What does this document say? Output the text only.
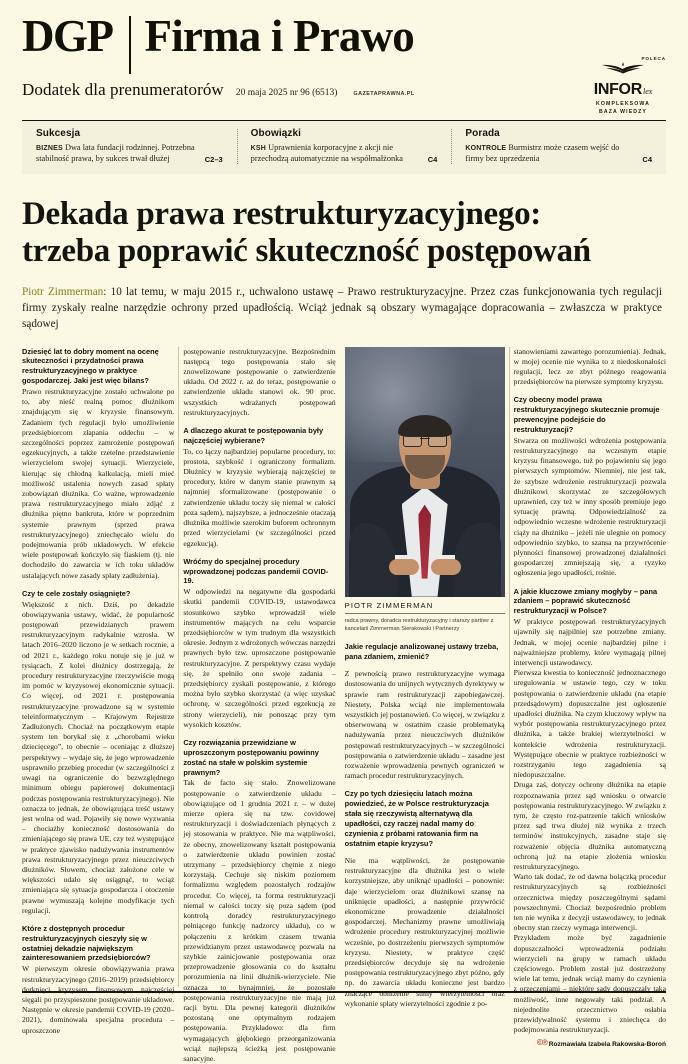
DGP Firma i Prawo
Dodatek dla prenumeratorów 20 maja 2025 nr 96 (6513)	GAZETAPRAWNA.PL
POLECA
INFORlex
KOMPLEKSOWA
BAZA WIEDZY
Sukcesja
BIZNES Dwa lata fundacji rodzinnej. Potrzebna stabilność prawa, by sukces trwał dłużej	C2–3
Obowiązki
KSH Uprawnienia korporacyjne z akcji nie przechodzą automatycznie na współmałżonka	C4
Porada
KONTROLE Burmistrz może czasem wejść do firmy bez uprzedzenia	C4
Dekada prawa restrukturyzacyjnego:
trzeba poprawić skuteczność postępowań
Piotr Zimmerman: 10 lat temu, w maju 2015 r., uchwalono ustawę – Prawo restrukturyzacyjne. Przez czas funkcjonowania tych regulacji firmy zyskały realne narzędzie ochrony przed upadłością. Wciąż jednak są obszary wymagające dopracowania – zwłaszcza w praktyce sądowej
Dziesięć lat to dobry moment na ocenę skuteczności i przydatności prawa restrukturyzacyjnego w praktyce gospodarczej. Jaki jest więc bilans?

Prawo restrukturyzacyjne zostało uchwalone po to, aby nieść realną pomoc dłużnikom znajdującym się w kryzysie finansowym. Zadaniem tych regulacji było umożliwienie przedsiębiorcom złapania oddechu – w szczególności poprzez zamrożenie postępowań egzekucyjnych, a także rzetelne przedstawienie wierzycielom swojej sytuacji. Wierzyciele, kierując się chłodną kalkulacją, mieli mieć możliwość ustalenia nowych zasad spłaty zobowiązań dłużnika. Co ważne, wprowadzenie prawa restrukturyzacyjnego miało zdjąć z dłużnika piętno bankruta, które w poprzednim systemie prawnym (sprzed prawa restrukturyzacyjnego) zniechęcało wielu do podejmowania prób układowych. W efekcie wiele postępowań kończyło się fiaskiem (tj. nie dochodziło do zawarcia w ich toku układów ustalających nowe zasady spłaty zadłużenia).

Czy te cele zostały osiągnięte?

Większość z nich. Dziś, po dekadzie obowiązywania ustawy, widać, że popularność postępowań przewidzianych prawem restrukturyzacyjnym radykalnie wzrosła. W latach 2016–2020 liczono je w setkach rocznie, a od 2021 r., każdego roku notuje się je już w tysiącach. Z kolei dłużnicy dostrzegają, że procedury restrukturyzacyjne rzeczywiście mogą im pomóc w kryzysowej ekonomicznie sytuacji. Co więcej, od 2021 r. postępowania restrukturyzacyjne prowadzone są w systemie teleinformatycznym – Krajowym Rejestrze Zadłużonych. Chociaż na początkowym etapie system ten borykał się z „chorobami wieku dziecięcego”, to obecnie – oceniając z dłuższej perspektywy – wydaje się, że jego wprowadzenie usprawniło przebieg procedur (w szczególności z uwagi na ograniczenie do bezwzględnego minimum obiegu papierowej dokumentacji podczas postępowania restrukturyzacyjnego). Nie oznacza to jednak, że obowiązująca treść ustawy jest wolna od wad. Pojawiły się nowe wyzwania – chociażby konieczność dostosowania do zmieniającego się prawa UE, czy też występujące w praktyce zjawisko nadużywania instrumentów prawa restrukturyzacyjnego przez nieuczciwych dłużników. Słowem, chociaż założone cele w większości udało się osiągnąć, to wciąż zmieniająca się sytuacja gospodarcza i otoczenie prawne wymuszają kolejne modyfikacje tych regulacji.

Które z dostępnych procedur restrukturyzacyjnych cieszyły się w ostatniej dekadzie największym zainteresowaniem przedsiębiorców?

W pierwszym okresie obowiązywania prawa restrukturyzacyjnego (2016–2019) przedsiębiorcy dotknięci kryzysem finansowym najczęściej sięgali po przyspieszone postępowanie układowe. Następnie w okresie pandemii COVID-19 (2020–2021), dominowała specjalna procedura – uproszczone

postępowanie restrukturyzacyjne. Bezpośrednim następcą tego postępowania stało się znowelizowane postępowanie o zatwierdzenie układu. Od 2022 r. aż do teraz, postępowanie o zatwierdzenie układu stanowi ok. 90 proc. wszystkich wdrażanych postępowań restrukturyzacyjnych.

A dlaczego akurat te postępowania były najczęściej wybierane?

To, co łączy najbardziej popularne procedury, to: prostota, szybkość i ograniczony formalizm. Dłużnicy w kryzysie wybierają najczęściej te procedury, które w danym stanie prawnym są najmniej sformalizowane (postępowanie o zatwierdzenie układu toczy się niemal w całości poza sądem), najszybsze, a jednocześnie otaczają dłużnika możliwie szerokim buforem ochronnym przed wierzycielami (w szczególności przed egzekucją).

Wróćmy do specjalnej procedury wprowadzonej podczas pandemii COVID-19.

W odpowiedzi na negatywne dla gospodarki skutki pandemii COVID-19, ustawodawca stosunkowo szybko wprowadził wiele instrumentów mających na celu wsparcie przedsiębiorców w tym trudnym dla wszystkich okresie. Jednym z wdrożonych wówczas narzędzi prawnych było tzw. uproszczone postępowanie restrukturyzacyjne. Z perspektywy czasu wydaje się, że spełniło ono swoje zadania – przedsiębiorcy zyskali postępowanie, z którego można było szybko skorzystać (a więc uzyskać ochronę, w szczególności przed egzekucją ze strony wierzycieli), nie ponosząc przy tym wysokich kosztów.

Czy rozwiązania przewidziane w uproszczonym postępowaniu powinny zostać na stałe w polskim systemie prawnym?

Tak de facto się stało. Znowelizowane postępowanie o zatwierdzenie układu – obowiązujące od 1 grudnia 2021 r. – w dużej mierze opiera się na tzw. covidowej restrukturyzacji i doświadczeniach płynących z jej stosowania w praktyce. Nie ma wątpliwości, że obecny, znowelizowany kształt postępowania o zatwierdzenie układu powinien zostać utrzymany – przedsiębiorcy chętnie z niego korzystają. Cechuje się niskim poziomem formalizmu względem pozostałych rodzajów procedur. Co więcej, ta forma restrukturyzacji niemal w całości toczy się poza sądem (pod kontrolą doradcy restrukturyzacyjnego pełniącego funkcję nadzorcy układu), co w połączeniu z krótkim czasem trwania przewidzianym przez ustawodawcę pozwala na szybkie zainicjowanie postępowania oraz przeprowadzenie głosowania co do kształtu porozumienia na linii dłużnik-wierzyciele. Nie oznacza to bynajmniej, że pozostałe postępowania restrukturyzacyjne nie mają już racji bytu. Dla pewnej kategorii dłużników pozostaną one optymalnym rodzajem postępowania. Przykładowo: dla firm wymagających głębokiego przeorganizowania wciąż najlepszą ścieżką jest postępowanie sanacyjne.

PIOTR ZIMMERMAN
radca prawny, doradca restrukturyzacyjny i starszy partner z kancelarii Zimmerman Sierakowski i Partnerzy
Jakie regulacje analizowanej ustawy trzeba, pana zdaniem, zmienić?

Z pewnością prawo restrukturyzacyjne wymaga dostosowania do unijnych wytycznych dyrektywy w sprawie ram restrukturyzacji zapobiegawczej. Niestety, Polska wciąż nie implementowała wszystkich jej postanowień. Co więcej, w związku z obserwowaną w ostatnim czasie problematyką nadużywania przez nieuczciwych dłużników postępowań restrukturyzacyjnych – w szczególności postępowania o zatwierdzenie układu – zasadne jest rozważenie wprowadzenia pewnych ograniczeń w ramach procedur restrukturyzacyjnych.

Czy po tych dziesięciu latach można powiedzieć, że w Polsce restrukturyzacja stała się rzeczywistą alternatywą dla upadłości, czy raczej nadal mamy do czynienia z próbami ratowania firm na ostatnim etapie kryzysu?

Nie ma wątpliwości, że postępowanie restrukturyzacyjne dla dłużnika jest o wiele korzystniejsze, aby uniknąć upadłości – ponownie: daje wierzycielom oraz dłużnikowi szansę na uniknięcie upadłości, a następnie przywrócić ekonomiczne prowadzenie działalności gospodarczej. Mechanizmy prawne umożliwiają wdrożenie procedury restrukturyzacyjnej możliwie wcześnie, po dostrzeżeniu pierwszych symptomów kryzysu. Niestety, w praktyce część przedsiębiorców decyduje się na wdrożenie postępowania restrukturyzacyjnego zbyt późno, gdy np. do zawarcia układu konieczne jest bardzo znaczące obniżenie sumy wierzytelności oraz wykonanie spłaty wierzytelności zgodnie z po-

stanowieniami zawartego porozumienia). Jednak, w mojej ocenie nie wynika to z niedoskonałości regulacji, lecz ze zbyt późnego reagowania przedsiębiorców na pierwsze symptomy kryzysu.

Czy obecny model prawa restrukturyzacyjnego skutecznie promuje prewencyjne podejście do restrukturyzacji?

Stwarza on możliwości wdrożenia postępowania restrukturyzacyjnego na wczesnym etapie kryzysu finansowego, tuż po pojawieniu się jego pierwszych symptomów. Niemniej, nie jest tak, że szybsze wdrożenie restrukturyzacji pozwala dłużnikowi skorzystać ze szczegółowych uprawnień, czy też w inny sposób premiuje jego sytuację prawną. Odpowiedzialność za odpowiednio wczesne wdrożenie restrukturyzacji ciąży na dłużniku – jeżeli nie ulegnie on pomocy odpowiednio szybko, to szansa na przywrócenie płynności finansowej prowadzonej działalności gospodarczej zmniejszają się, a ryzyko ogłoszenia jego upadłości, rośnie.

A jakie kluczowe zmiany mogłyby – pana zdaniem – poprawić skuteczność restrukturyzacji w Polsce?

W praktyce postępowań restrukturyzacyjnych ujawniły się najpilniej sze potrzebne zmiany. Jednak, w mojej ocenie najbardziej pilne i najważniejsze problemy, które wymagają pilnej interwencji ustawodawcy.

Pierwsza kwestia to konieczność jednoznacznego uregulowania w ustawie tego, czy w toku postępowania o zatwierdzenie układu (na etapie przedsądowym) dopuszczalne jest ogłoszenie upadłości dłużnika. Na czym kluczowy wpływ na wybór postępowania restrukturyzacyjnego przez dłużnika, a także brakiej wierzytelności w kontekście wdrożenia restrukturyzacji. Występujące obecnie w praktyce rozbieżności w rozstrzyganiu tego zagadnienia są niedopuszczalne.

Druga zaś, dotyczy ochrony dłużnika na etapie rozpoznawania przez sąd wniosku o otwarcie postępowania restrukturyzacyjnego. W związku z tym, że często roz-patrzenie takich wniosków przez sąd trwa dłużej niż wynika z trzech terminów instrukcyjnych, zasadne staje się rozważenie objęcia dłużnika automatyczną ochroną już na etapie złożenia wniosku restrukturyzacyjnego.

Warto tak dodać, że od dawna bolączką procedur restrukturyzacyjnych są rozbieżności orzecznictwa między poszczególnymi sądami powszechnymi. Chociaż bezpośrednio problem ten nie wynika z decyzji ustawodawcy, to jednak obecny stan rzeczy wymaga interwencji.

Przykładem może być zagadnienie dopuszczalności wprowadzenia podziału wierzycieli na grupy w ramach układu częściowego. Problem został już dostrzeżony wiele lat temu, jednak wciąż mamy do czynienia z orzeczeniami – niektóre sądy dopuszczały taką możliwość, inne negowały taki podział. A niejednolite orzecznictwo osłabia przewidywalność systemu i zniechęca do podejmowania restrukturyzacji.

©℗ Rozmawiała Izabela Rakowska-Boroń
